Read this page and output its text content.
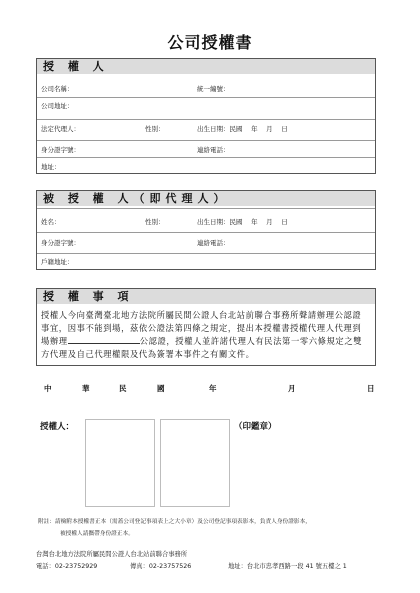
公司授權書
授 權 人
公司名稱：	統一編號：
公司地址：
法定代理人：	性別：	出生日期：民國　 年　 月　 日
身分證字號：	連絡電話：
地址：
被 授 權 人（即代理人）
姓名：	性別：	出生日期：民國　 年　 月　 日
身分證字號：	連絡電話：
戶籍地址：
授 權 事 項
授權人今向臺灣臺北地方法院所屬民間公證人台北站前聯合事務所聲請辦理公認證事宜，因事不能到場，茲依公證法第四條之規定，提出本授權書授權代理人代理到場辦理	公認證，授權人並許諾代理人有民法第一零六條規定之雙方代理及自己代理權限及代為簽署本事件之有關文件。
中	華	民	國	年	月	日
授權人：	（印鑑章）
附註：請檢附本授權書正本（需蓋公司登記事項表上之大小章）及公司登記事項表影本，負責人身份證影本，
被授權人請攜帶身份證正本。
台灣台北地方法院所屬民間公證人台北站前聯合事務所
電話：02-23752929	傳真：02-23757526	地址：台北市忠孝西路一段 41 號五樓之 1
